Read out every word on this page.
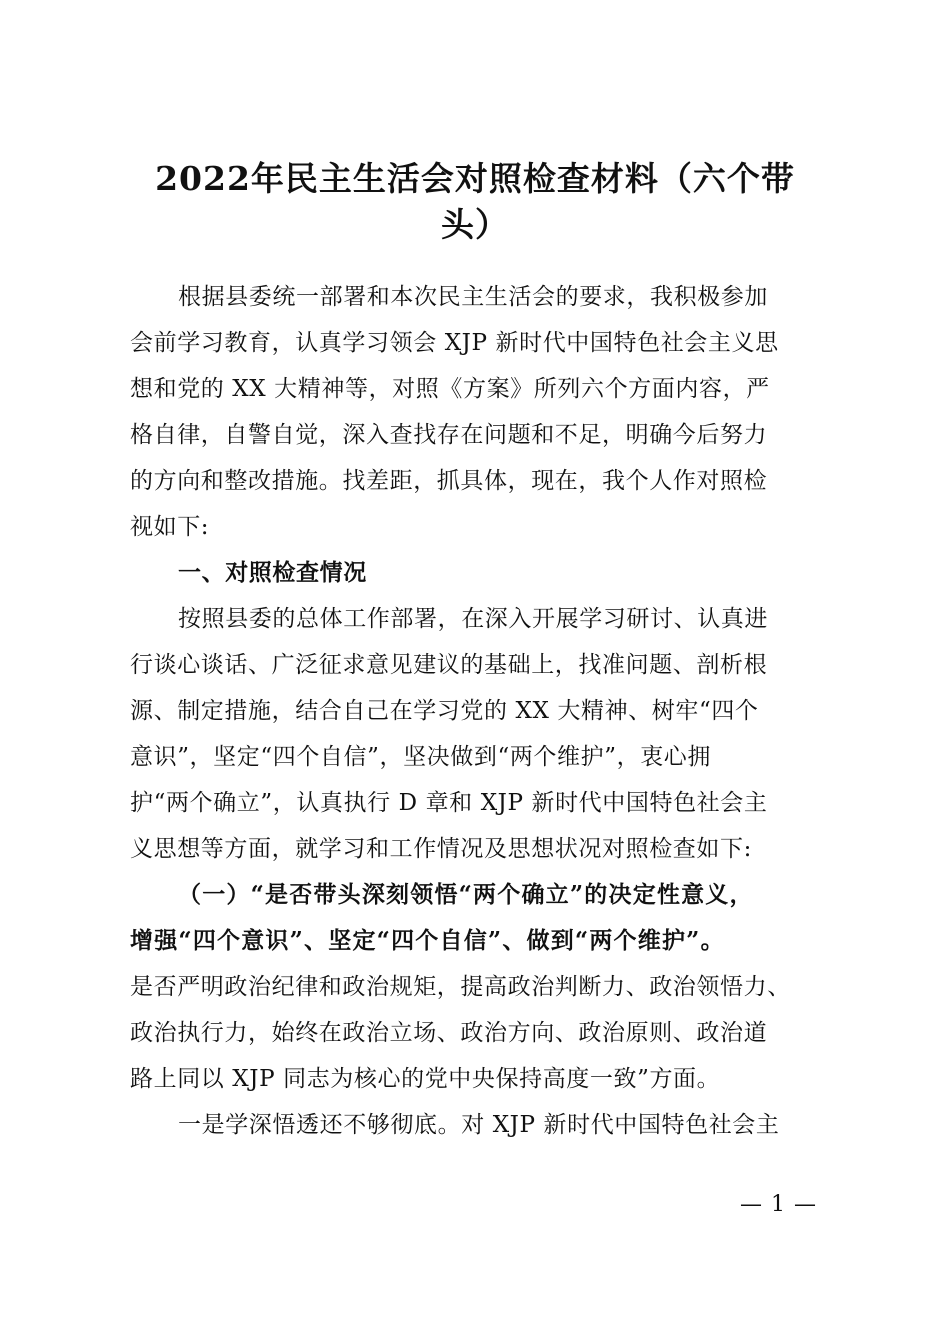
2022年民主生活会对照检查材料（六个带
头）
根据县委统一部署和本次民主生活会的要求，我积极参加
会前学习教育，认真学习领会 XJP 新时代中国特色社会主义思
想和党的 XX 大精神等，对照《方案》所列六个方面内容，严
格自律，自警自觉，深入查找存在问题和不足，明确今后努力
的方向和整改措施。找差距，抓具体，现在，我个人作对照检
视如下:
一、对照检查情况
按照县委的总体工作部署，在深入开展学习研讨、认真进
行谈心谈话、广泛征求意见建议的基础上，找准问题、剖析根
源、制定措施，结合自己在学习党的 XX 大精神、树牢“四个
意识”，坚定“四个自信”，坚决做到“两个维护”，衷心拥
护“两个确立”，认真执行 D 章和 XJP 新时代中国特色社会主
义思想等方面，就学习和工作情况及思想状况对照检查如下:
（一）“是否带头深刻领悟“两个确立”的决定性意义，
增强“四个意识”、坚定“四个自信”、做到“两个维护”。
是否严明政治纪律和政治规矩，提高政治判断力、政治领悟力、
政治执行力，始终在政治立场、政治方向、政治原则、政治道
路上同以 XJP 同志为核心的党中央保持高度一致”方面。
一是学深悟透还不够彻底。对 XJP 新时代中国特色社会主
— 1 —
